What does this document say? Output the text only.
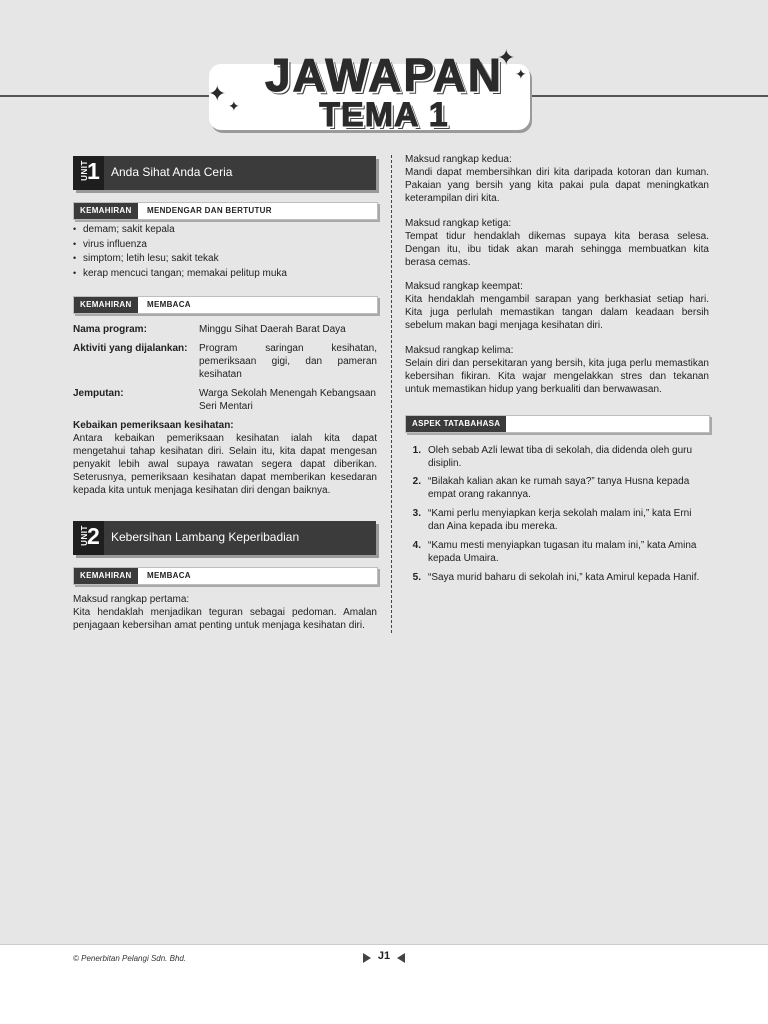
JAWAPAN
TEMA 1
✦ ✦
✦
✦
UNIT
1 Anda Sihat Anda Ceria
KEMAHIRAN	MENDENGAR DAN BERTUTUR
• demam; sakit kepala
• virus influenza
• simptom; letih lesu; sakit tekak
• kerap mencuci tangan; memakai pelitup muka
KEMAHIRAN	MEMBACA
Nama program:	Minggu Sihat Daerah Barat Daya
Aktiviti yang dijalankan: Program saringan kesihatan,
pemeriksaan gigi, dan pameran
kesihatan
Jemputan:	Warga Sekolah Menengah Kebangsaan
Seri Mentari
Kebaikan pemeriksaan kesihatan:
Antara kebaikan pemeriksaan kesihatan ialah kita dapat
mengetahui tahap kesihatan diri. Selain itu, kita dapat mengesan
penyakit lebih awal supaya rawatan segera dapat diberikan.
Seterusnya, pemeriksaan kesihatan dapat memberikan kesedaran
kepada kita untuk menjaga kesihatan diri dengan baiknya.
UNIT
2 Kebersihan Lambang Keperibadian
KEMAHIRAN	MEMBACA
Maksud rangkap pertama:
Kita hendaklah menjadikan teguran sebagai pedoman. Amalan
penjagaan kebersihan amat penting untuk menjaga kesihatan diri.
Maksud rangkap kedua:
Mandi dapat membersihkan diri kita daripada kotoran dan kuman.
Pakaian yang bersih yang kita pakai pula dapat meningkatkan
keterampilan diri kita.
Maksud rangkap ketiga:
Tempat tidur hendaklah dikemas supaya kita berasa selesa.
Dengan itu, ibu tidak akan marah sehingga membuatkan kita
berasa cemas.
Maksud rangkap keempat:
Kita hendaklah mengambil sarapan yang berkhasiat setiap hari.
Kita juga perlulah memastikan tangan dalam keadaan bersih
sebelum makan bagi menjaga kesihatan diri.
Maksud rangkap kelima:
Selain diri dan persekitaran yang bersih, kita juga perlu memastikan
kebersihan fikiran. Kita wajar mengelakkan stres dan tekanan
untuk memastikan hidup yang berkualiti dan berwawasan.
ASPEK TATABAHASA
1. Oleh sebab Azli lewat tiba di sekolah, dia didenda oleh guru
disiplin.
2. “Bilakah kalian akan ke rumah saya?” tanya Husna kepada
empat orang rakannya.
3. “Kami perlu menyiapkan kerja sekolah malam ini,” kata Erni
dan Aina kepada ibu mereka.
4. “Kamu mesti menyiapkan tugasan itu malam ini,” kata Amina
kepada Umaira.
5. “Saya murid baharu di sekolah ini,” kata Amirul kepada Hanif.
© Penerbitan Pelangi Sdn. Bhd.	J1
